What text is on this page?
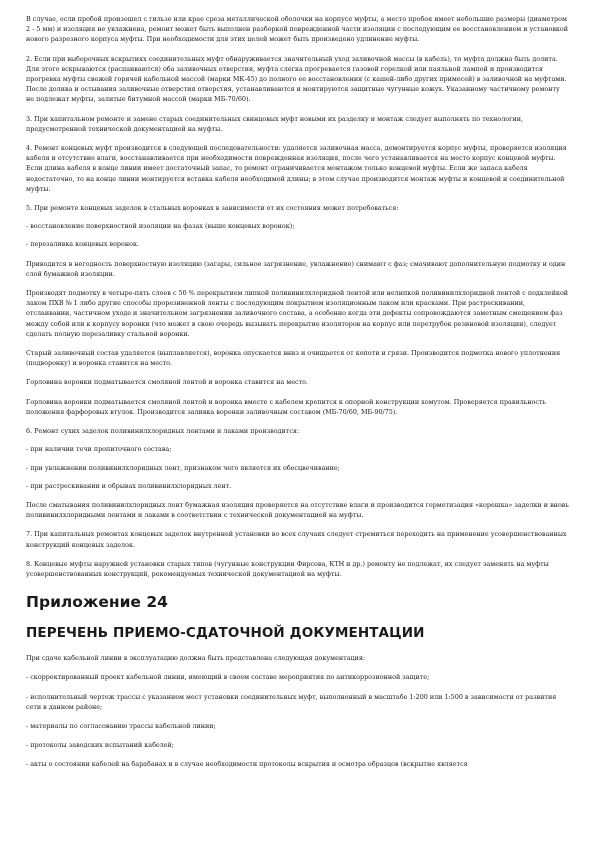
В случае, если пробой произошел с гильзе или крае среза металлической оболочки на корпусе муфты, а место пробоя имеет небольшие размеры (диаметром 2 - 5 мм) и изоляция не увлажнена, ремонт может быть выполнен разборкой поврежденной части изоляции с последующим ее восстановлением и установкой нового разрезного корпуса муфты. При необходимости для этих целей может быть произведено удлинение муфты.

2. Если при выборочных вскрытиях соединительных муфт обнаруживается значительный уход заливочной массы (в кабель), то муфта должна быть долита. Для этого вскрываются (распаиваются) оба заливочных отверстия, муфта слегка прогревается газовой горелкой или паяльной лампой и производится прогревка муфты свежей горячей кабельной массой (марки МК-45) до полного ее восстановления (с кашей-либо других примесей) в заливочной на муфтами. После долива и остывания заливочные отверстия отверстия, устанавливаются и монтируются защитные чугунные кожух. Указанному частичному ремонту не подлежат муфты, залитые битумной массой (марки МБ-70/60).

3. При капитальном ремонте и замене старых соединительных свинцовых муфт новыми их разделку и монтаж следует выполнять по технологии, предусмотренной технической документацией на муфты.

4. Ремонт концевых муфт производится в следующей последовательности: удаляется заливочная масса, демонтируется корпус муфты, проверяется изоляция кабеля и отсутствие влаги, восстанавливается при необходимости поврежденная изоляция, после чего устанавливается на место корпус концевой муфты. Если длина кабеля в конце линии имеет достаточный запас, то ремонт ограничивается монтажом только концевой муфты. Если же запаса кабеля недостаточно, то на конце линии монтируется вставка кабеля необходимой длины; в этом случае производится монтаж муфты и концевой и соединительной муфты.

5. При ремонте концевых заделок в стальных воронках в зависимости от их состояния может потребоваться:

- восстановление поверхностной изоляции на фазах (выше концевых воронок);

- перезаливка концевых воронок.

Приводится в негодность поверхностную изоляцию (загары, сильное загрязнение, увлажнение) снимают с фаз; смачивают дополнительную подмотку и один слой бумажной изоляции.

Производят подмотку в четыре-пять слоев с 50 % перекрытием липкой поливинилхлоридной лентой или нелипкой поливинилхлоридной лентой с подклейкой лаком ПХВ № 1 либо другие способы прорезиненной ленты с последующим покрытием изоляционным лаком или красками. При растрескивании, отслаивании, частичном уходе и значительном загрязнении заливочного состава, а особенно когда эти дефекты сопровождаются заметным смещением фаз между собой или к корпусу воронки (что может в свою очередь вызывать перекрытие изоляторов на корпус или перетрубок резиновой изоляции), следует сделать полную перезаливку стальной воронки.

Старый заливочный состав удаляется (выплавляется), воронка опускается вниз и очищается от копоти и грязи. Производится подмотка нового уплотнения (подворонку) и воронка ставится на место.

Горловина воронки подматывается смоляной лентой и воронка ставится на место.

Горловина воронки подматывается смоляной лентой и воронка вместе с кабелем крепится к опорной конструкции хомутом. Проверяется правильность положения фарфоровых втулок. Производится заливка воронки заливочным составом (МБ-70/60, МБ-90/75).

6. Ремонт сухих заделок поливинилхлоридных лентами и лаками производится:

- при наличии течи пропиточного состава;

- при увлажнении поливинилхлоридных лент, признаком чего является их обесцвечивание;

- при растрескивании и обрывах поливинилхлоридных лент.

После сматывания поливинилхлоридных лент бумажная изоляция проверяется на отсутствие влаги и производится герметизация «корешка» заделки и вновь поливинилхлоридными лентами и лаками в соответствии с технической документацией на муфты.

7. При капитальных ремонтах концевых заделок внутренней установки во всех случаях следует стремиться переходить на применение усовершенствованных конструкций концевых заделок.

8. Концевые муфты наружной установки старых типов (чугунные конструкции Фирсова, КТН и др.) ремонту не подлежат, их следует заменять на муфты усовершенствованных конструкций, рекомендуемых технической документацией на муфты.

Приложение 24
ПЕРЕЧЕНЬ ПРИЕМО-СДАТОЧНОЙ ДОКУМЕНТАЦИИ

При сдаче кабельной линии в эксплуатацию должна быть представлена следующая документация:

- скорректированный проект кабельной линии, имеющий в своем составе мероприятия по антикоррозионной защите;

- исполнительный чертеж трассы с указанием мест установки соединительных муфт, выполненный в масштабе 1:200 или 1:500 в зависимости от развития сети в данном районе;

- материалы по согласованию трассы кабельной линии;

- протоколы заводских испытаний кабелей;

- акты о состоянии кабелей на барабанах и в случае необходимости протоколы вскрытия и осмотра образцов (вскрытие является
